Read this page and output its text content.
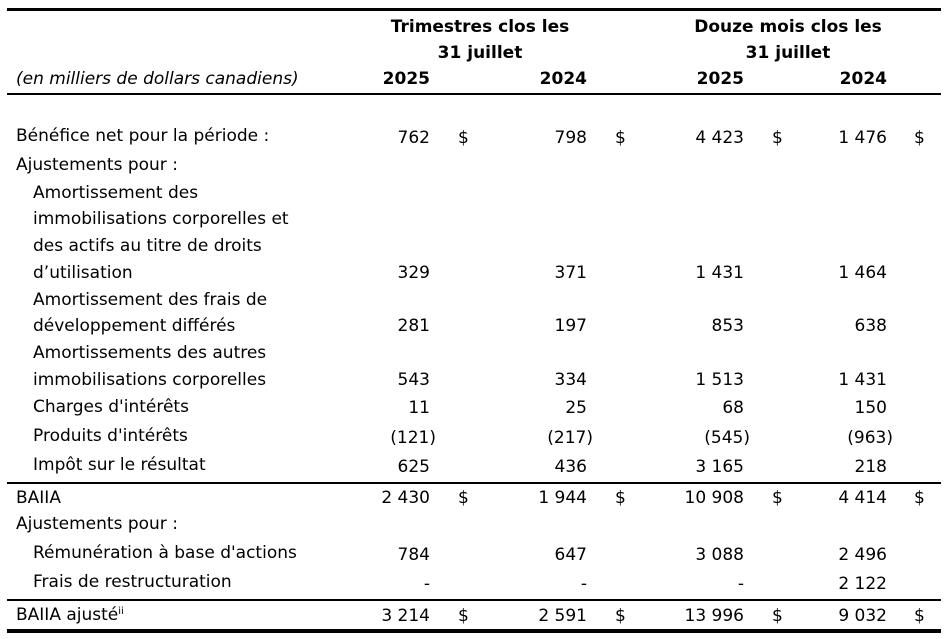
Trimestres clos les
31 juillet
Douze mois clos les
31 juillet
(en milliers de dollars canadiens)	2025	2024	2025	2024
Bénéfice net pour la période :	762 $	798 $	4 423 $	1 476 $
Ajustements pour :
Amortissement des
immobilisations corporelles et
des actifs au titre de droits
d’utilisation	329	371	1 431	1 464
Amortissement des frais de
développement différés	281	197	853	638
Amortissements des autres
immobilisations corporelles	543	334	1 513	1 431
Charges d'intérêts	11	25	68	150
Produits d'intérêts	(121)	(217)	(545)	(963)
Impôt sur le résultat	625	436	3 165	218
BAIIA	2 430 $	1 944 $	10 908 $	4 414 $
Ajustements pour :
Rémunération à base d'actions	784	647	3 088	2 496
Frais de restructuration	-	-	-	2 122
BAIIA ajusté$^{ii}$	3 214 $	2 591 $	13 996 $	9 032 $
